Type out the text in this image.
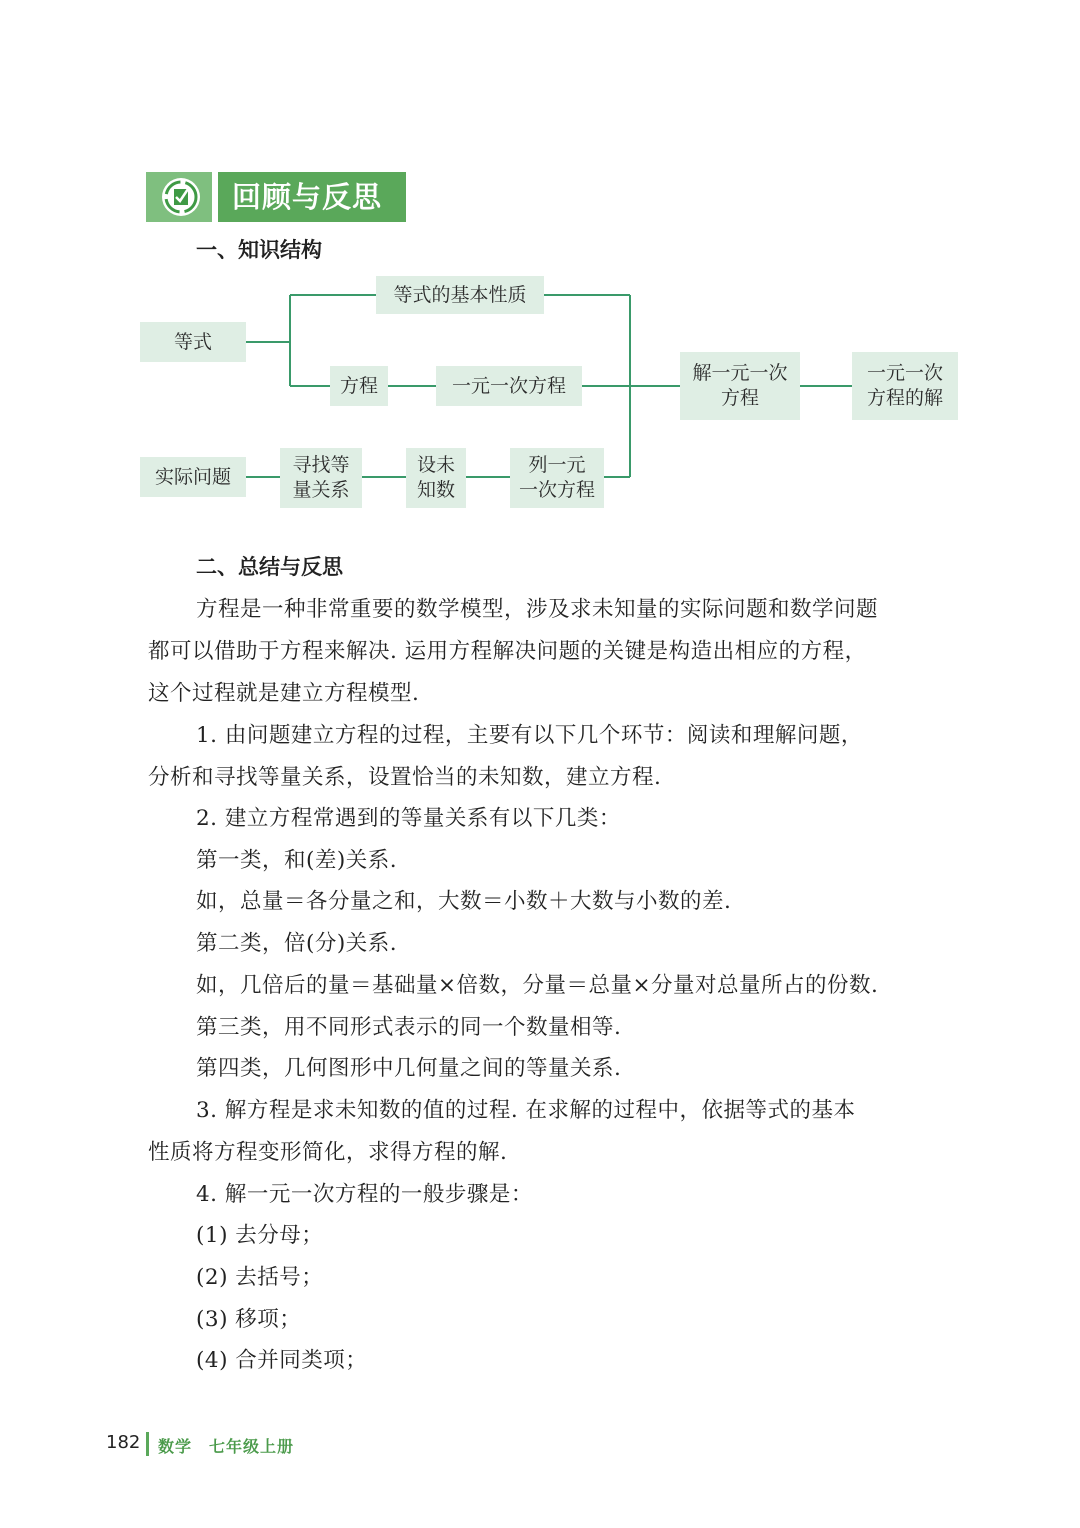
回顾与反思
一、知识结构
等式
等式的基本性质
方程	一元一次方程
解一元一次
方程
一元一次
方程的解
实际问题
寻找等
量关系
设未
知数
列一元
一次方程
二、总结与反思
方程是一种非常重要的数学模型，涉及求未知量的实际问题和数学问题
都可以借助于方程来解决. 运用方程解决问题的关键是构造出相应的方程，
这个过程就是建立方程模型.
1. 由问题建立方程的过程，主要有以下几个环节：阅读和理解问题，
分析和寻找等量关系，设置恰当的未知数，建立方程.
2. 建立方程常遇到的等量关系有以下几类：
第一类，和(差)关系.
如，总量＝各分量之和，大数＝小数＋大数与小数的差.
第二类，倍(分)关系.
如，几倍后的量＝基础量×倍数，分量＝总量×分量对总量所占的份数.
第三类，用不同形式表示的同一个数量相等.
第四类，几何图形中几何量之间的等量关系.
3. 解方程是求未知数的值的过程. 在求解的过程中，依据等式的基本
性质将方程变形简化，求得方程的解.
4. 解一元一次方程的一般步骤是：
(1) 去分母；
(2) 去括号；
(3) 移项；
(4) 合并同类项；
182 数学　七年级上册
